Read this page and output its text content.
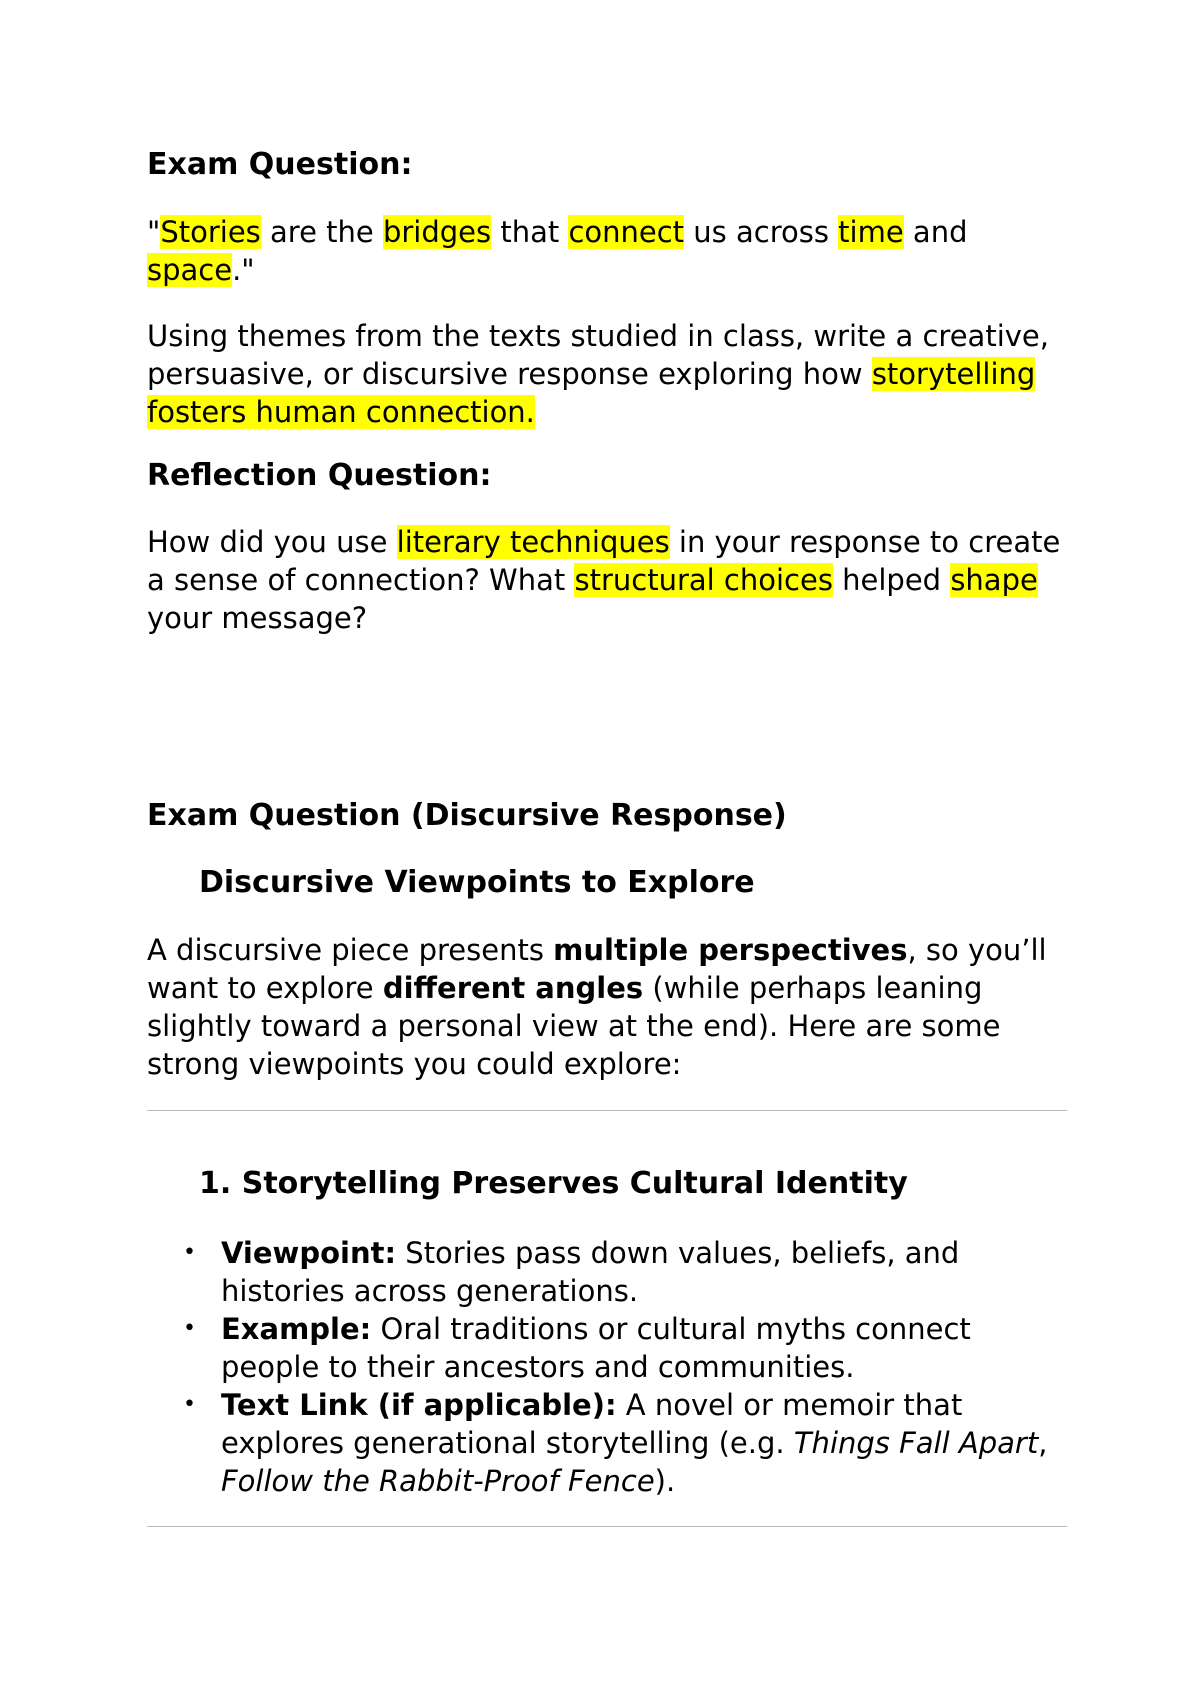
Exam Question:
"Stories are the bridges that connect us across time and space."
Using themes from the texts studied in class, write a creative, persuasive, or discursive response exploring how storytelling fosters human connection.
Reflection Question:
How did you use literary techniques in your response to create a sense of connection? What structural choices helped shape your message?
Exam Question (Discursive Response)
Discursive Viewpoints to Explore
A discursive piece presents multiple perspectives, so you’ll want to explore different angles (while perhaps leaning slightly toward a personal view at the end). Here are some strong viewpoints you could explore:
1. Storytelling Preserves Cultural Identity
• Viewpoint: Stories pass down values, beliefs, and histories across generations.
• Example: Oral traditions or cultural myths connect people to their ancestors and communities.
• Text Link (if applicable): A novel or memoir that explores generational storytelling (e.g. Things Fall Apart, Follow the Rabbit-Proof Fence).
